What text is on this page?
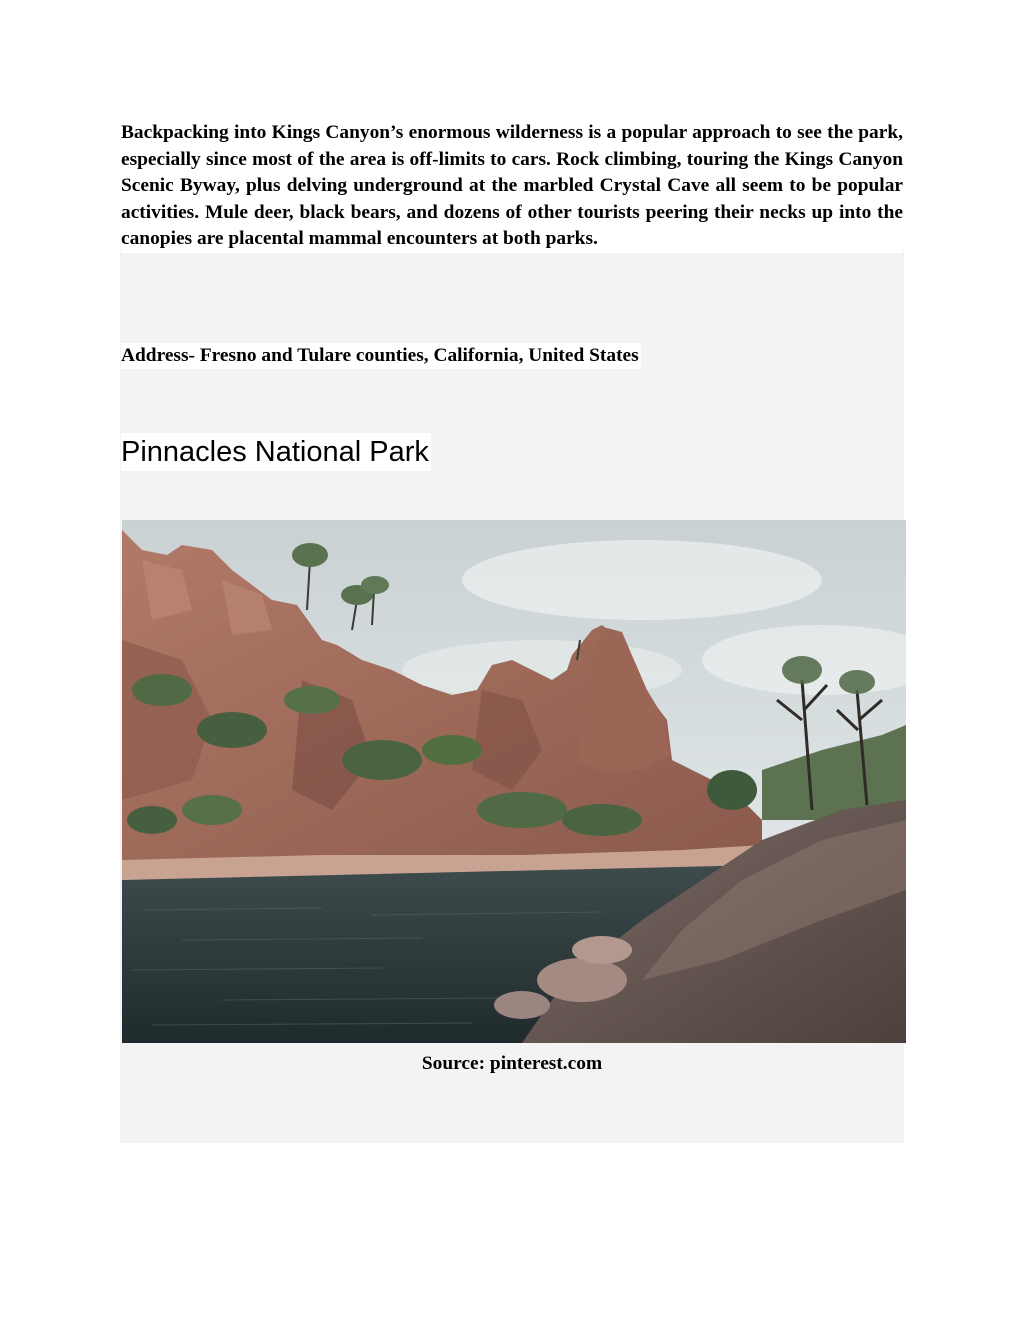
Backpacking into Kings Canyon’s enormous wilderness is a popular approach to see the park, especially since most of the area is off-limits to cars. Rock climbing, touring the Kings Canyon Scenic Byway, plus delving underground at the marbled Crystal Cave all seem to be popular activities. Mule deer, black bears, and dozens of other tourists peering their necks up into the canopies are placental mammal encounters at both parks.

Address- Fresno and Tulare counties, California, United States

Pinnacles National Park

Source: pinterest.com
